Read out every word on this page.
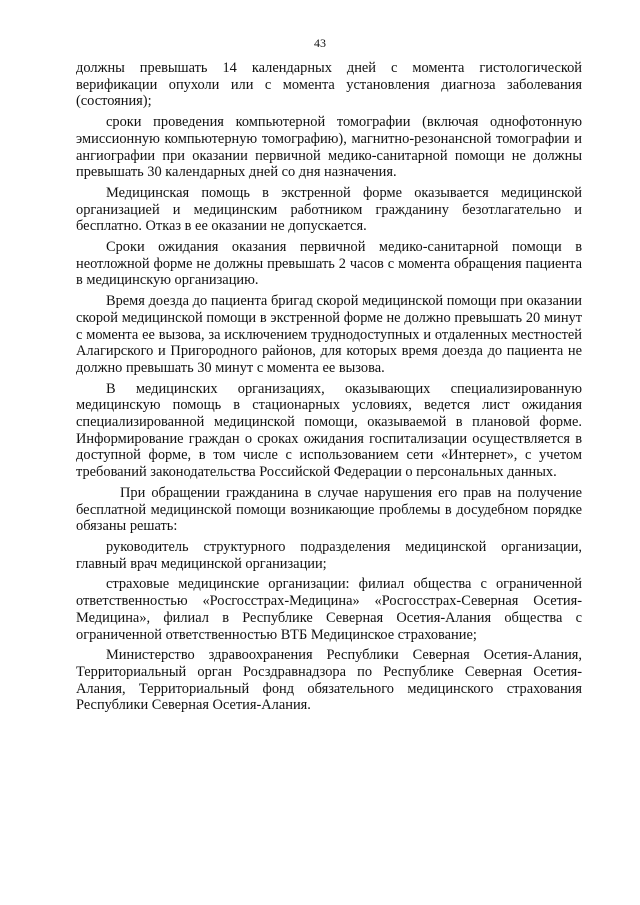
43

должны превышать 14 календарных дней с момента гистологической верификации опухоли или с момента установления диагноза заболевания (состояния);

сроки проведения компьютерной томографии (включая однофотонную эмиссионную компьютерную томографию), магнитно-резонансной томографии и ангиографии при оказании первичной медико-санитарной помощи не должны превышать 30 календарных дней со дня назначения.

Медицинская помощь в экстренной форме оказывается медицинской организацией и медицинским работником гражданину безотлагательно и бесплатно. Отказ в ее оказании не допускается.

Сроки ожидания оказания первичной медико-санитарной помощи в неотложной форме не должны превышать 2 часов с момента обращения пациента в медицинскую организацию.

Время доезда до пациента бригад скорой медицинской помощи при оказании скорой медицинской помощи в экстренной форме не должно превышать 20 минут с момента ее вызова, за исключением труднодоступных и отдаленных местностей Алагирского и Пригородного районов, для которых время доезда до пациента не должно превышать 30 минут с момента ее вызова.

В медицинских организациях, оказывающих специализированную медицинскую помощь в стационарных условиях, ведется лист ожидания специализированной медицинской помощи, оказываемой в плановой форме. Информирование граждан о сроках ожидания госпитализации осуществляется в доступной форме, в том числе с использованием сети «Интернет», с учетом требований законодательства Российской Федерации о персональных данных.

При обращении гражданина в случае нарушения его прав на получение бесплатной медицинской помощи возникающие проблемы в досудебном порядке обязаны решать:

руководитель структурного подразделения медицинской организации, главный врач медицинской организации;

страховые медицинские организации: филиал общества с ограниченной ответственностью «Росгосстрах-Медицина» «Росгосстрах-Северная Осетия-Медицина», филиал в Республике Северная Осетия-Алания общества с ограниченной ответственностью ВТБ Медицинское страхование;

Министерство здравоохранения Республики Северная Осетия-Алания, Территориальный орган Росздравнадзора по Республике Северная Осетия-Алания, Территориальный фонд обязательного медицинского страхования Республики Северная Осетия-Алания.
